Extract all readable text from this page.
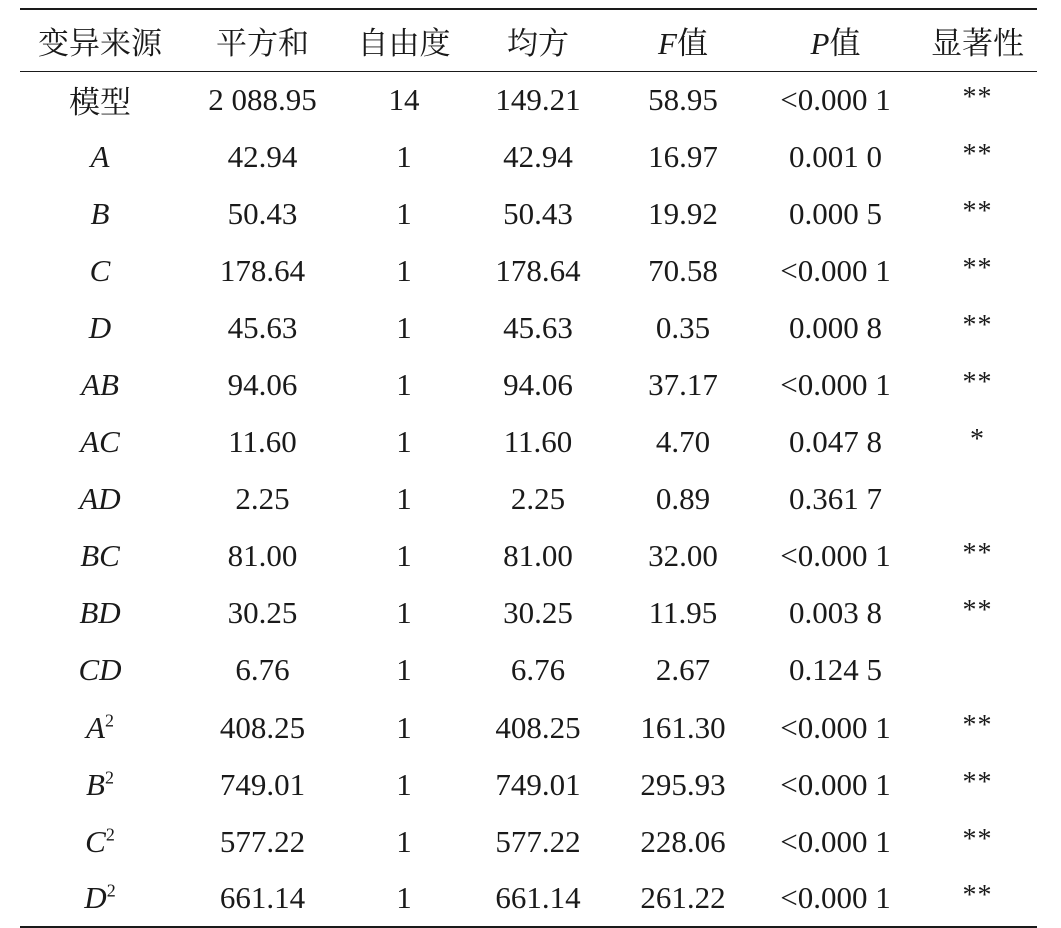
变异来源	平方和	自由度	均方	F值	P值	显著性
模型	2 088.95	14	149.21	58.95	<0.000 1	**
A	42.94	1	42.94	16.97	0.001 0	**
B	50.43	1	50.43	19.92	0.000 5	**
C	178.64	1	178.64	70.58	<0.000 1	**
D	45.63	1	45.63	0.35	0.000 8	**
AB	94.06	1	94.06	37.17	<0.000 1	**
AC	11.60	1	11.60	4.70	0.047 8	*
AD	2.25	1	2.25	0.89	0.361 7	
BC	81.00	1	81.00	32.00	<0.000 1	**
BD	30.25	1	30.25	11.95	0.003 8	**
CD	6.76	1	6.76	2.67	0.124 5	
$A^2$	408.25	1	408.25	161.30	<0.000 1	**
$B^2$	749.01	1	749.01	295.93	<0.000 1	**
$C^2$	577.22	1	577.22	228.06	<0.000 1	**
$D^2$	661.14	1	661.14	261.22	<0.000 1	**
